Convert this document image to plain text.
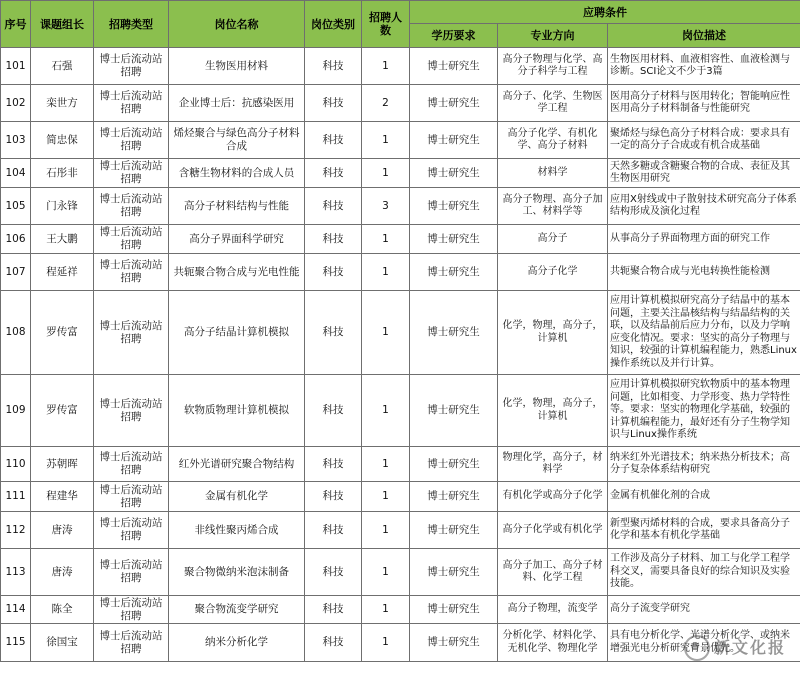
序号	课题组长	招聘类型	岗位名称	岗位类别	招聘人数	应聘条件		
						学历要求	专业方向	岗位描述
101	石强	博士后流动站招聘	生物医用材料	科技	1	博士研究生	高分子物理与化学、高分子科学与工程	生物医用材料、血液相容性、血液检测与诊断。SCI论文不少于3篇
102	栾世方	博士后流动站招聘	企业博士后：抗感染医用	科技	2	博士研究生	高分子、化学、生物医学工程	医用高分子材料与医用转化；智能响应性医用高分子材料制备与性能研究
103	简忠保	博士后流动站招聘	烯烃聚合与绿色高分子材料合成	科技	1	博士研究生	高分子化学、有机化学、高分子材料	聚烯烃与绿色高分子材料合成：要求具有一定的高分子合成或有机合成基础
104	石彤非	博士后流动站招聘	含糖生物材料的合成人员	科技	1	博士研究生	材料学	天然多糖或含糖聚合物的合成、表征及其生物医用研究
105	门永锋	博士后流动站招聘	高分子材料结构与性能	科技	3	博士研究生	高分子物理、高分子加工、材料学等	应用X射线或中子散射技术研究高分子体系结构形成及演化过程
106	王大鹏	博士后流动站招聘	高分子界面科学研究	科技	1	博士研究生	高分子	从事高分子界面物理方面的研究工作
107	程延祥	博士后流动站招聘	共轭聚合物合成与光电性能	科技	1	博士研究生	高分子化学	共轭聚合物合成与光电转换性能检测
108	罗传富	博士后流动站招聘	高分子结晶计算机模拟	科技	1	博士研究生	化学，物理，高分子，计算机	应用计算机模拟研究高分子结晶中的基本问题，主要关注晶核结构与结晶结构的关联，以及结晶前后应力分布，以及力学响应变化情况。要求：坚实的高分子物理与知识，较强的计算机编程能力，熟悉Linux操作系统以及并行计算。
109	罗传富	博士后流动站招聘	软物质物理计算机模拟	科技	1	博士研究生	化学，物理，高分子，计算机	应用计算机模拟研究软物质中的基本物理问题，比如相变、力学形变、热力学特性等。要求：坚实的物理化学基础，较强的计算机编程能力，最好还有分子生物学知识与Linux操作系统
110	苏朝晖	博士后流动站招聘	红外光谱研究聚合物结构	科技	1	博士研究生	物理化学，高分子，材料学	纳米红外光谱技术；纳米热分析技术；高分子复杂体系结构研究
111	程建华	博士后流动站招聘	金属有机化学	科技	1	博士研究生	有机化学或高分子化学	金属有机催化剂的合成
112	唐涛	博士后流动站招聘	非线性聚丙烯合成	科技	1	博士研究生	高分子化学或有机化学	新型聚丙烯材料的合成，要求具备高分子化学和基本有机化学基础
113	唐涛	博士后流动站招聘	聚合物微纳米泡沫制备	科技	1	博士研究生	高分子加工、高分子材料、化学工程	工作涉及高分子材料、加工与化学工程学科交叉，需要具备良好的综合知识及实验技能。
114	陈全	博士后流动站招聘	聚合物流变学研究	科技	1	博士研究生	高分子物理，流变学	高分子流变学研究
115	徐国宝	博士后流动站招聘	纳米分析化学	科技	1	博士研究生	分析化学、材料化学、无机化学、物理化学	具有电分析化学、光谱分析化学、或纳米增强光电分析研究背景优先。
新文化报
